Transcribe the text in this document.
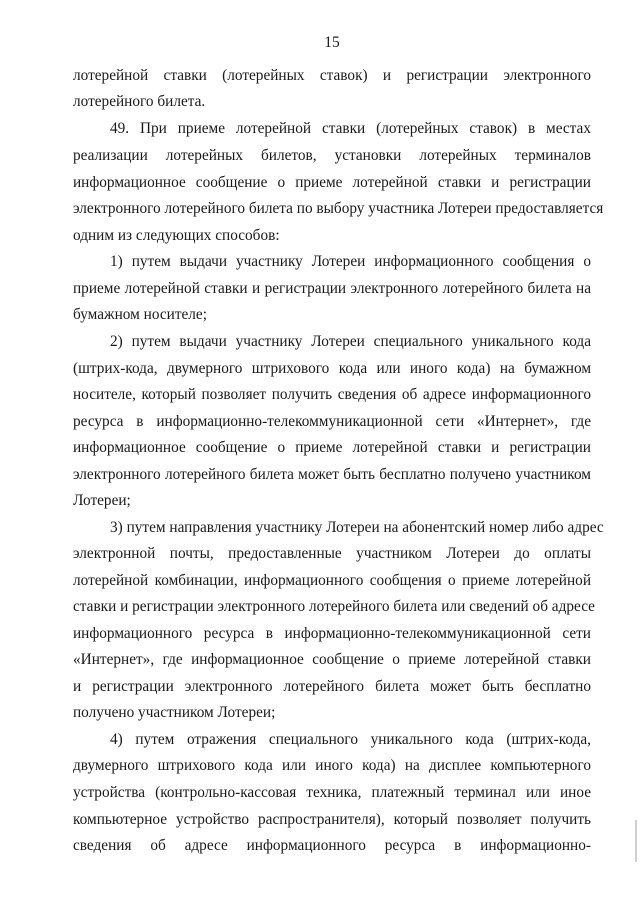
15
лотерейной ставки (лотерейных ставок) и регистрации электронного
лотерейного билета.
49. При приеме лотерейной ставки (лотерейных ставок) в местах
реализации лотерейных билетов, установки лотерейных терминалов
информационное сообщение о приеме лотерейной ставки и регистрации
электронного лотерейного билета по выбору участника Лотереи предоставляется
одним из следующих способов:
1) путем выдачи участнику Лотереи информационного сообщения о
приеме лотерейной ставки и регистрации электронного лотерейного билета на
бумажном носителе;
2) путем выдачи участнику Лотереи специального уникального кода
(штрих-кода, двумерного штрихового кода или иного кода) на бумажном
носителе, который позволяет получить сведения об адресе информационного
ресурса в информационно-телекоммуникационной сети «Интернет», где
информационное сообщение о приеме лотерейной ставки и регистрации
электронного лотерейного билета может быть бесплатно получено участником
Лотереи;
3) путем направления участнику Лотереи на абонентский номер либо адрес
электронной почты, предоставленные участником Лотереи до оплаты
лотерейной комбинации, информационного сообщения о приеме лотерейной
ставки и регистрации электронного лотерейного билета или сведений об адресе
информационного ресурса в информационно-телекоммуникационной сети
«Интернет», где информационное сообщение о приеме лотерейной ставки
и регистрации электронного лотерейного билета может быть бесплатно
получено участником Лотереи;
4) путем отражения специального уникального кода (штрих-кода,
двумерного штрихового кода или иного кода) на дисплее компьютерного
устройства (контрольно-кассовая техника, платежный терминал или иное
компьютерное устройство распространителя), который позволяет получить
сведения об адресе информационного ресурса в информационно-
